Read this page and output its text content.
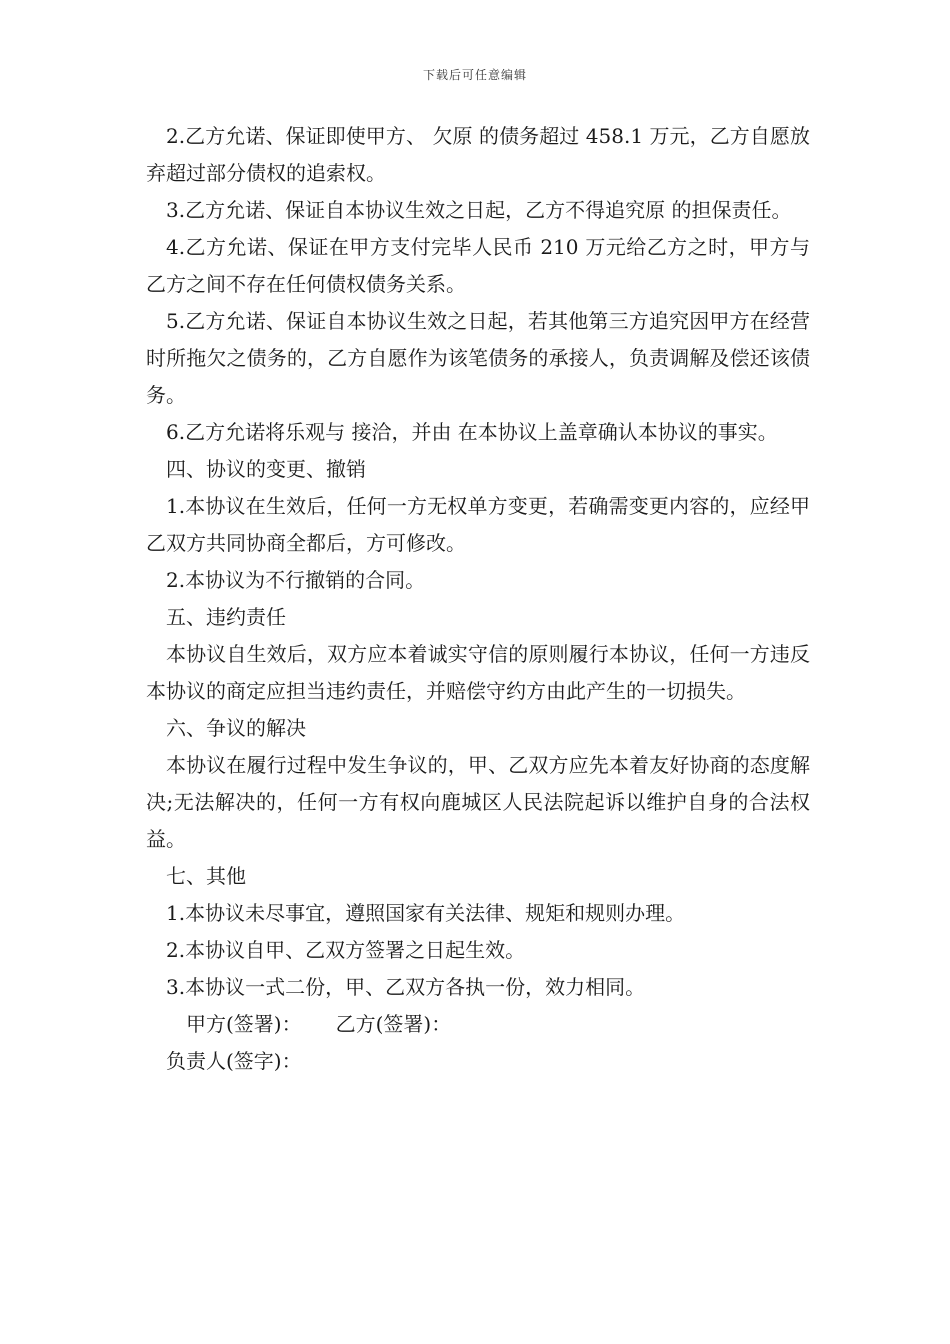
下载后可任意编辑

2.乙方允诺、保证即使甲方、 欠原 的债务超过 458.1 万元，乙方自愿放弃超过部分债权的追索权。

3.乙方允诺、保证自本协议生效之日起，乙方不得追究原 的担保责任。

4.乙方允诺、保证在甲方支付完毕人民币 210 万元给乙方之时，甲方与乙方之间不存在任何债权债务关系。

5.乙方允诺、保证自本协议生效之日起，若其他第三方追究因甲方在经营 时所拖欠之债务的，乙方自愿作为该笔债务的承接人，负责调解及偿还该债务。

6.乙方允诺将乐观与 接洽，并由 在本协议上盖章确认本协议的事实。

四、协议的变更、撤销

1.本协议在生效后，任何一方无权单方变更，若确需变更内容的，应经甲乙双方共同协商全都后，方可修改。

2.本协议为不行撤销的合同。

五、违约责任

本协议自生效后，双方应本着诚实守信的原则履行本协议，任何一方违反本协议的商定应担当违约责任，并赔偿守约方由此产生的一切损失。

六、争议的解决

本协议在履行过程中发生争议的，甲、乙双方应先本着友好协商的态度解决;无法解决的，任何一方有权向鹿城区人民法院起诉以维护自身的合法权益。

七、其他

1.本协议未尽事宜，遵照国家有关法律、规矩和规则办理。

2.本协议自甲、乙双方签署之日起生效。

3.本协议一式二份，甲、乙双方各执一份，效力相同。

甲方(签署)： 乙方(签署)：

负责人(签字)：
